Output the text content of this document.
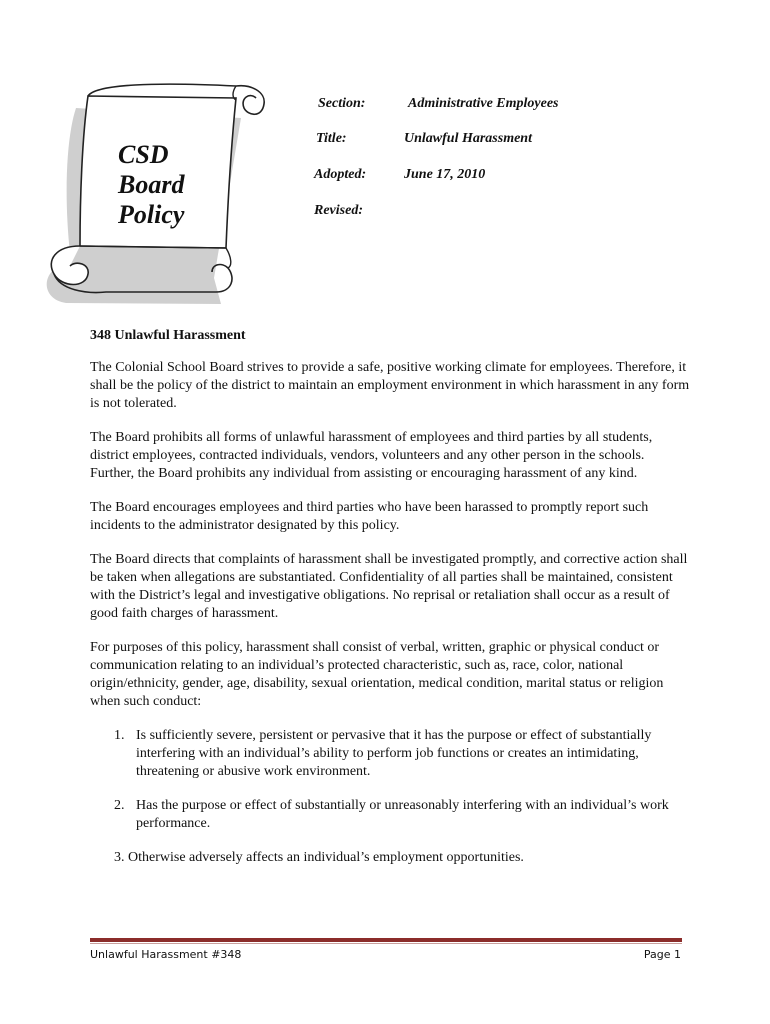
CSD
Board
Policy
Section:	Administrative Employees
Title:	Unlawful Harassment
Adopted:	June 17, 2010
Revised:

348 Unlawful Harassment

The Colonial School Board strives to provide a safe, positive working climate for employees. Therefore, it shall be the policy of the district to maintain an employment environment in which harassment in any form is not tolerated.

The Board prohibits all forms of unlawful harassment of employees and third parties by all students, district employees, contracted individuals, vendors, volunteers and any other person in the schools. Further, the Board prohibits any individual from assisting or encouraging harassment of any kind.

The Board encourages employees and third parties who have been harassed to promptly report such incidents to the administrator designated by this policy.

The Board directs that complaints of harassment shall be investigated promptly, and corrective action shall be taken when allegations are substantiated. Confidentiality of all parties shall be maintained, consistent with the District’s legal and investigative obligations. No reprisal or retaliation shall occur as a result of good faith charges of harassment.

For purposes of this policy, harassment shall consist of verbal, written, graphic or physical conduct or communication relating to an individual’s protected characteristic, such as, race, color, national origin/ethnicity, gender, age, disability, sexual orientation, medical condition, marital status or religion when such conduct:

1. Is sufficiently severe, persistent or pervasive that it has the purpose or effect of substantially interfering with an individual’s ability to perform job functions or creates an intimidating, threatening or abusive work environment.
2. Has the purpose or effect of substantially or unreasonably interfering with an individual’s work performance.

3. Otherwise adversely affects an individual’s employment opportunities.

Unlawful Harassment #348	Page 1
